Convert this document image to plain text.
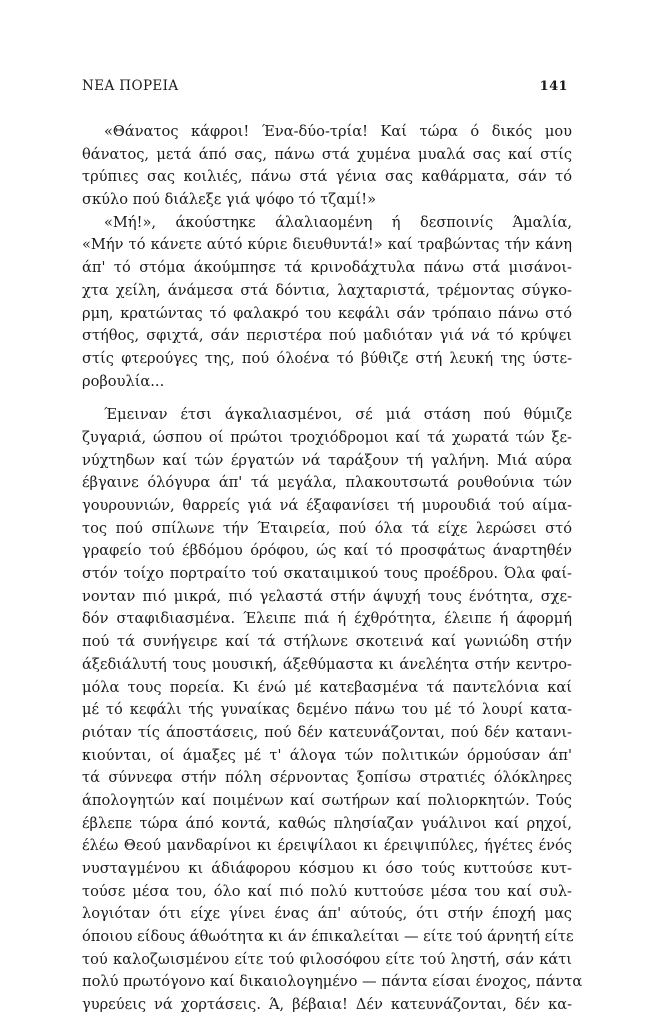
ΝΕΑ ΠΟΡΕΙΑ	141
«Θάνατος κάφροι! Ένα-δύο-τρία! Καί τώρα ό δικός μου
θάνατος, μετά άπό σας, πάνω στά χυμένα μυαλά σας καί στίς
τρύπιες σας κοιλιές, πάνω στά γένια σας καθάρματα, σάν τό
σκύλο πού διάλεξε γιά ψόφο τό τζαμί!»
«Μή!», άκούστηκε άλαλιαομένη ή δεσποινίς Άμαλία,
«Μήν τό κάνετε αύτό κύριε διευθυντά!» καί τραβώντας τήν κάνη
άπ' τό στόμα άκούμπησε τά κρινοδάχτυλα πάνω στά μισάνοι-
χτα χείλη, άνάμεσα στά δόντια, λαχταριστά, τρέμοντας σύγκο-
ρμη, κρατώντας τό φαλακρό του κεφάλι σάν τρόπαιο πάνω στό
στήθος, σφιχτά, σάν περιστέρα πού μαδιόταν γιά νά τό κρύψει
στίς φτερούγες της, πού όλοένα τό βύθιζε στή λευκή της ύστε-
ροβουλία...
Έμειναν έτσι άγκαλιασμένοι, σέ μιά στάση πού θύμιζε
ζυγαριά, ώσπου οί πρώτοι τροχιόδρομοι καί τά χωρατά τών ξε-
νύχτηδων καί τών έργατών νά ταράξουν τή γαλήνη. Μιά αύρα
έβγαινε όλόγυρα άπ' τά μεγάλα, πλακουτσωτά ρουθούνια τών
γουρουνιών, θαρρείς γιά νά έξαφανίσει τή μυρουδιά τού αίμα-
τος πού σπίλωνε τήν Έταιρεία, πού όλα τά είχε λερώσει στό
γραφείο τού έβδόμου όρόφου, ώς καί τό προσφάτως άναρτηθέν
στόν τοίχο πορτραίτο τού σκαταιμικού τους προέδρου. Όλα φαί-
νονταν πιό μικρά, πιό γελαστά στήν άψυχή τους ένότητα, σχε-
δόν σταφιδιασμένα. Έλειπε πιά ή έχθρότητα, έλειπε ή άφορμή
πού τά συνήγειρε καί τά στήλωνε σκοτεινά καί γωνιώδη στήν
άξεδιάλυτή τους μουσική, άξεθύμαστα κι άνελέητα στήν κεντρο-
μόλα τους πορεία. Κι ένώ μέ κατεβασμένα τά παντελόνια καί
μέ τό κεφάλι τής γυναίκας δεμένο πάνω του μέ τό λουρί κατα-
ριόταν τίς άποστάσεις, πού δέν κατευνάζονται, πού δέν κατανι-
κιούνται, οί άμαξες μέ τ' άλογα τών πολιτικών όρμούσαν άπ'
τά σύννεφα στήν πόλη σέρνοντας ξοπίσω στρατιές όλόκληρες
άπολογητών καί ποιμένων καί σωτήρων καί πολιορκητών. Τούς
έβλεπε τώρα άπό κοντά, καθώς πλησίαζαν γυάλινοι καί ρηχοί,
έλέω Θεού μανδαρίνοι κι έρειψίλαοι κι έρειψιπύλες, ήγέτες ένός
νυσταγμένου κι άδιάφορου κόσμου κι όσο τούς κυττούσε κυτ-
τούσε μέσα του, όλο καί πιό πολύ κυττούσε μέσα του καί συλ-
λογιόταν ότι είχε γίνει ένας άπ' αύτούς, ότι στήν έποχή μας
όποιου είδους άθωότητα κι άν έπικαλείται — είτε τού άρνητή είτε
τού καλοζωισμένου είτε τού φιλοσόφου είτε τού ληστή, σάν κάτι
πολύ πρωτόγονο καί δικαιολογημένο — πάντα είσαι ένοχος, πάντα
γυρεύεις νά χορτάσεις. Ά, βέβαια! Δέν κατευνάζονται, δέν κα-
